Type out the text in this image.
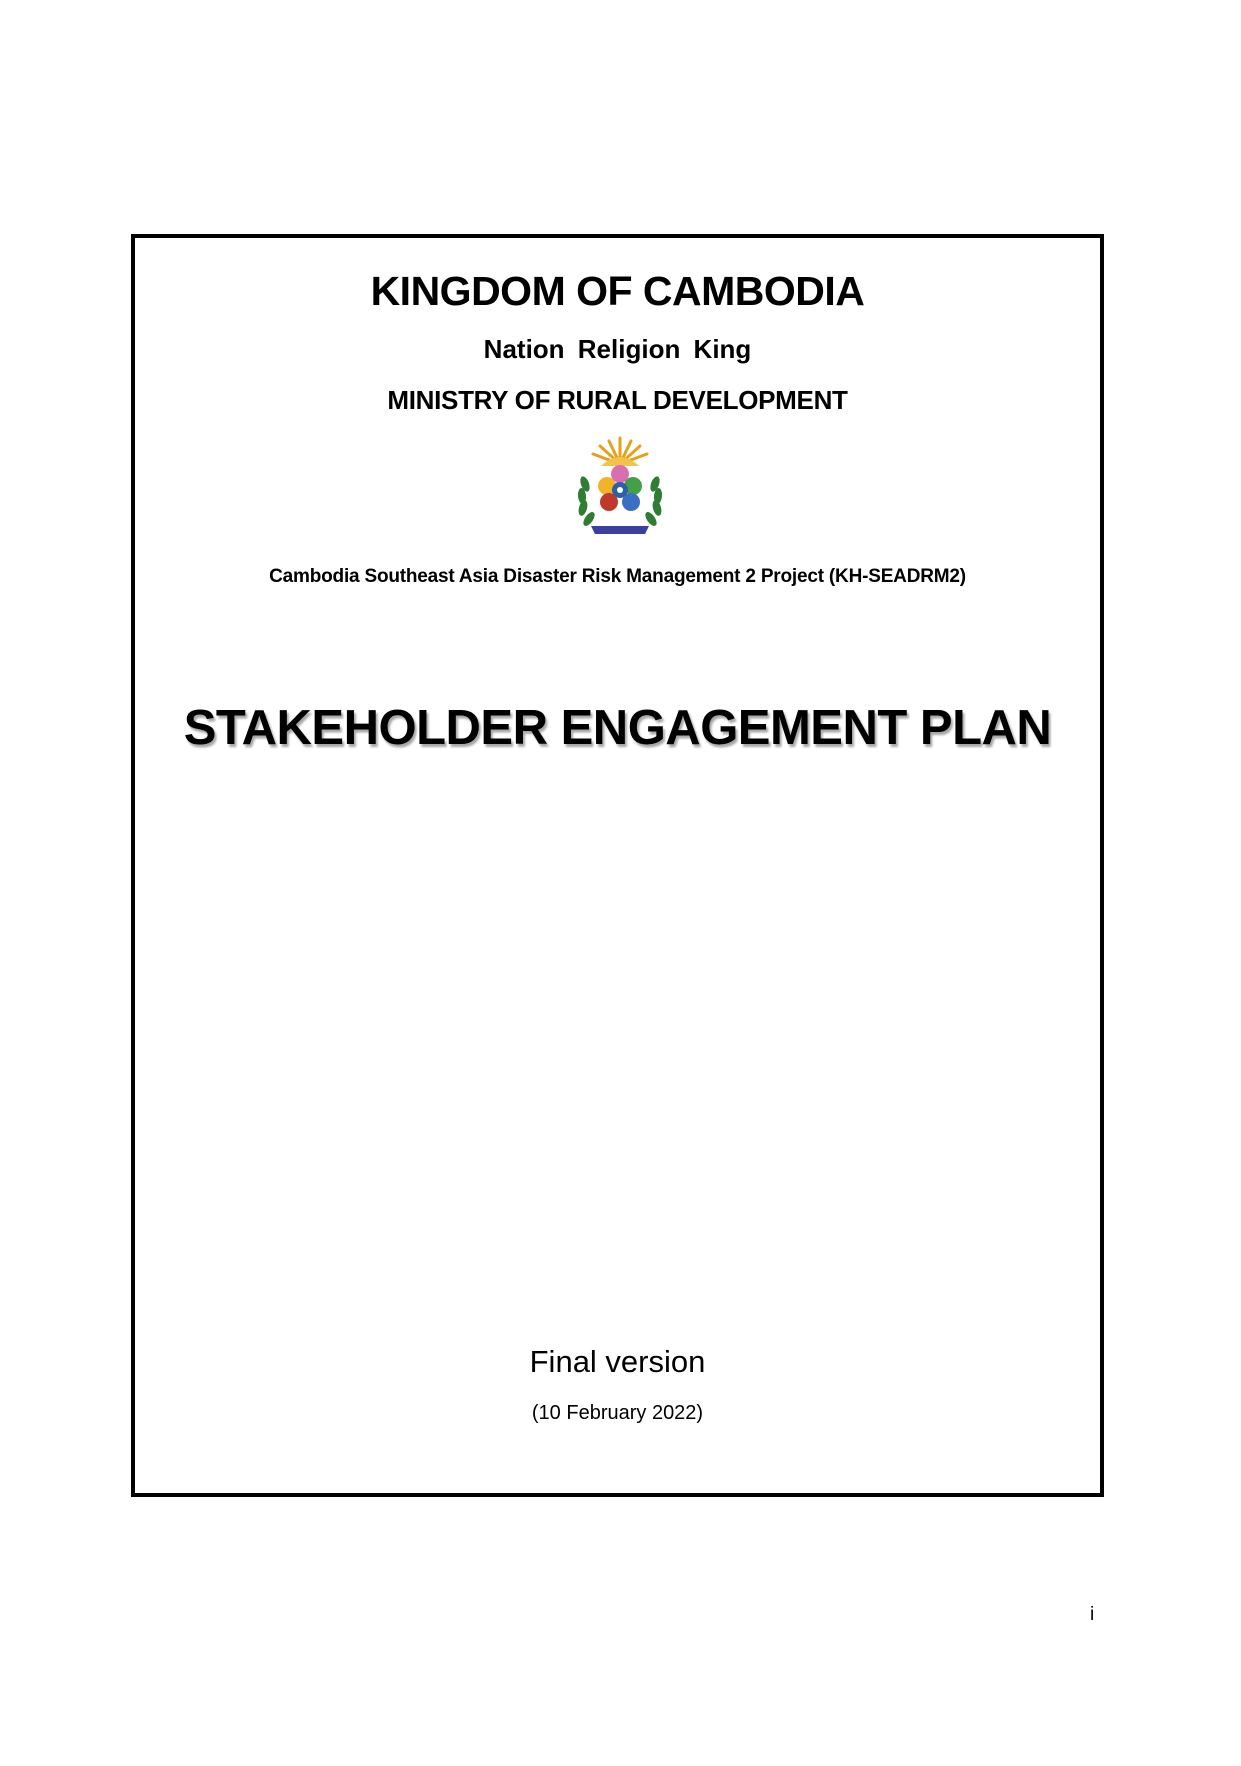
KINGDOM OF CAMBODIA
Nation Religion King
MINISTRY OF RURAL DEVELOPMENT
Cambodia Southeast Asia Disaster Risk Management 2 Project (KH-SEADRM2)
STAKEHOLDER ENGAGEMENT PLAN
Final version
(10 February 2022)
i
